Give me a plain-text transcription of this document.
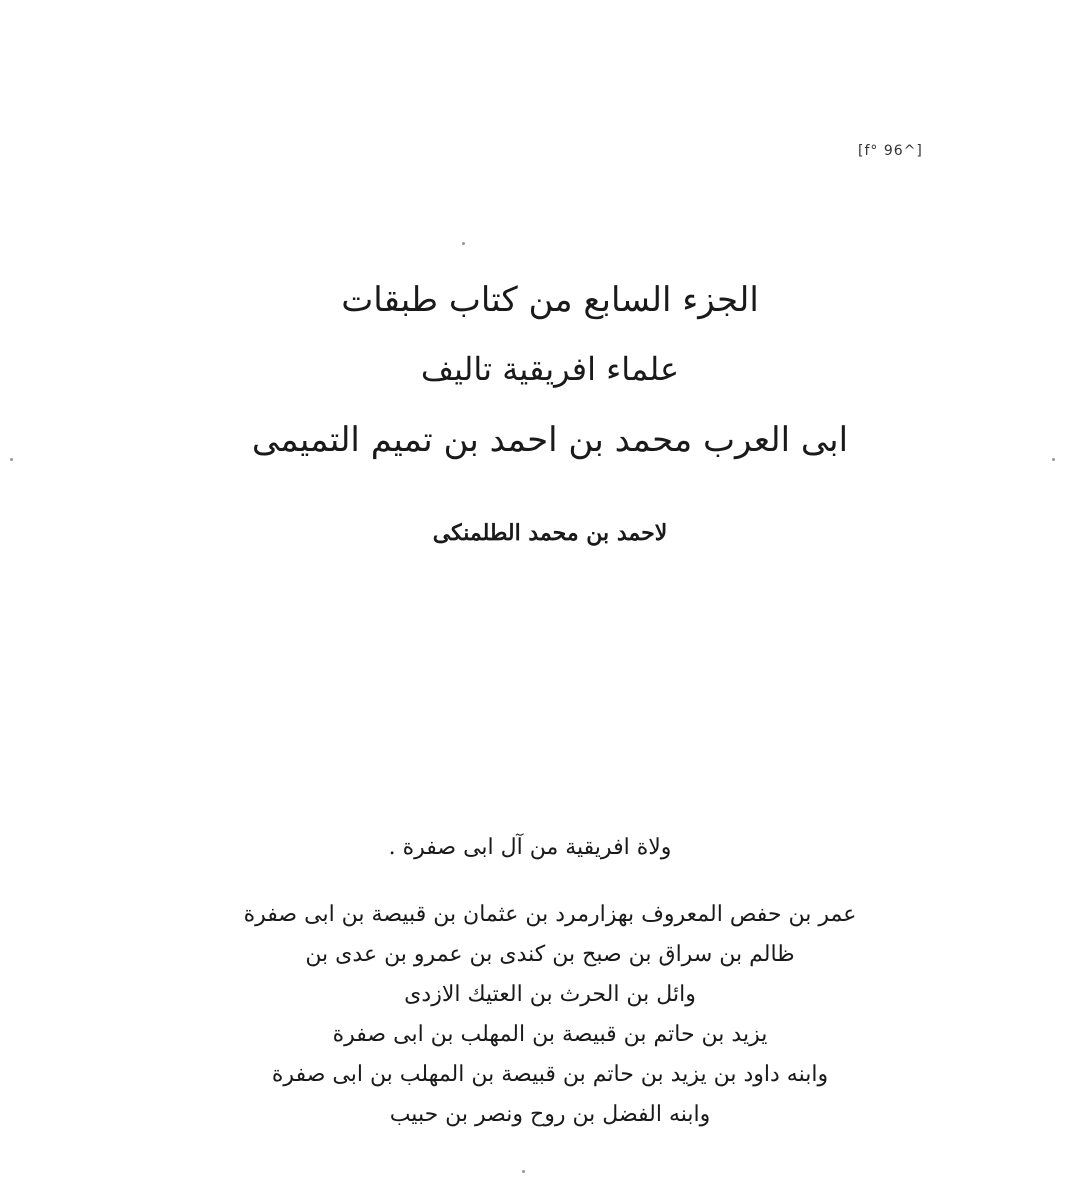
[f° 96^]
الجزء السابع من كتاب طبقات
علماء افريقية تاليف
ابى العرب محمد بن احمد بن تميم التميمى
لاحمد بن محمد الطلمنكى
ولاة افريقية من آل ابى صفرة .
عمر بن حفص المعروف بهزارمرد بن عثمان بن قبيصة بن ابى صفرة
ظالم بن سراق بن صبح بن كندى بن عمرو بن عدى بن
وائل بن الحرث بن العتيك الازدى
يزيد بن حاتم بن قبيصة بن المهلب بن ابى صفرة
وابنه داود بن يزيد بن حاتم بن قبيصة بن المهلب بن ابى صفرة
وابنه الفضل بن روح ونصر بن حبيب
